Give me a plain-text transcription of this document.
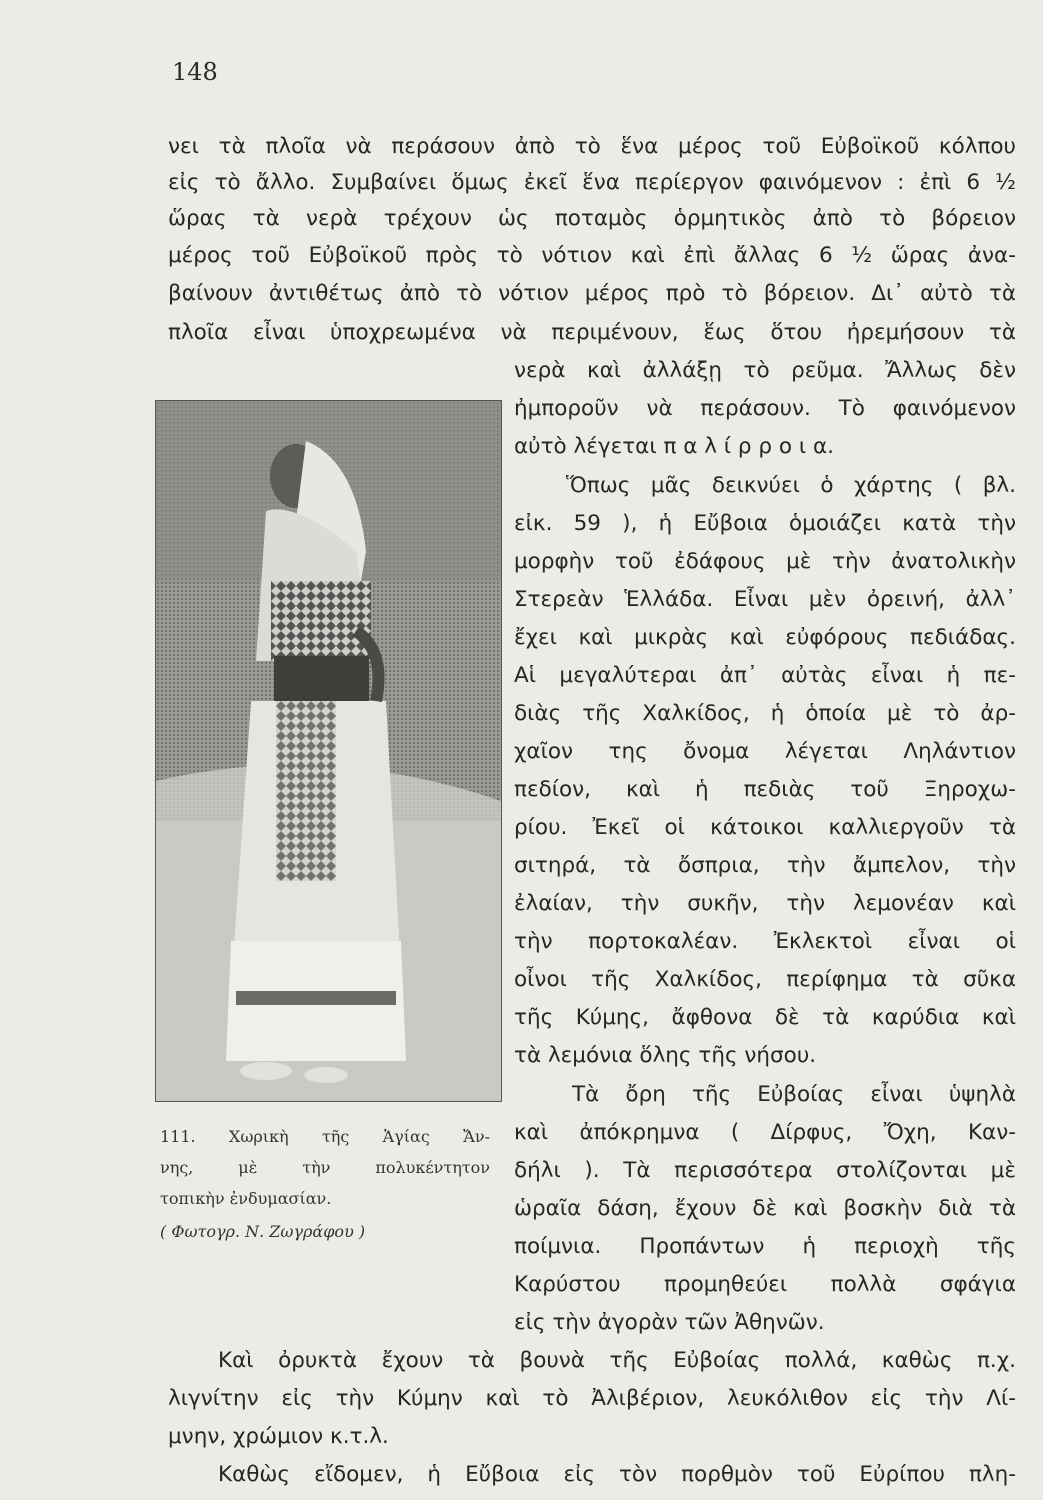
148
νει τὰ πλοῖα νὰ περάσουν ἀπὸ τὸ ἕνα μέρος τοῦ Εὐβοϊκοῦ κόλπου
εἰς τὸ ἄλλο. Συμβαίνει ὅμως ἐκεῖ ἕνα περίεργον φαινόμενον : ἐπὶ 6 ½
ὥρας τὰ νερὰ τρέχουν ὡς ποταμὸς ὁρμητικὸς ἀπὸ τὸ βόρειον
μέρος τοῦ Εὐβοϊκοῦ πρὸς τὸ νότιον καὶ ἐπὶ ἄλλας 6 ½ ὥρας ἀνα-
βαίνουν ἀντιθέτως ἀπὸ τὸ νότιον μέρος πρὸ τὸ βόρειον. Δι᾿ αὐτὸ τὰ
πλοῖα εἶναι ὑποχρεωμένα νὰ περιμένουν, ἕως ὅτου ἠρεμήσουν τὰ
111. Χωρικὴ τῆς Ἁγίας Ἄν-
νης, μὲ τὴν πολυκέντητον
τοπικὴν ἐνδυμασίαν.
( Φωτογρ. Ν. Ζωγράφου )
νερὰ καὶ ἀλλάξῃ τὸ ρεῦμα. Ἄλλως δὲν
ἠμποροῦν νὰ περάσουν. Τὸ φαινόμενον
αὐτὸ λέγεται π α λ ί ρ ρ ο ι α.
Ὅπως μᾶς δεικνύει ὁ χάρτης ( βλ.
εἰκ. 59 ), ἡ Εὔβοια ὁμοιάζει κατὰ τὴν
μορφὴν τοῦ ἐδάφους μὲ τὴν ἀνατολικὴν
Στερεὰν Ἑλλάδα. Εἶναι μὲν ὀρεινή, ἀλλ᾿
ἔχει καὶ μικρὰς καὶ εὐφόρους πεδιάδας.
Αἱ μεγαλύτεραι ἀπ᾿ αὐτὰς εἶναι ἡ πε-
διὰς τῆς Χαλκίδος, ἡ ὁποία μὲ τὸ ἀρ-
χαῖον της ὄνομα λέγεται Ληλάντιον
πεδίον, καὶ ἡ πεδιὰς τοῦ Ξηροχω-
ρίου. Ἐκεῖ οἱ κάτοικοι καλλιεργοῦν τὰ
σιτηρά, τὰ ὄσπρια, τὴν ἄμπελον, τὴν
ἐλαίαν, τὴν συκῆν, τὴν λεμονέαν καὶ
τὴν πορτοκαλέαν. Ἐκλεκτοὶ εἶναι οἱ
οἶνοι τῆς Χαλκίδος, περίφημα τὰ σῦκα
τῆς Κύμης, ἄφθονα δὲ τὰ καρύδια καὶ
τὰ λεμόνια ὅλης τῆς νήσου.
Τὰ ὄρη τῆς Εὐβοίας εἶναι ὑψηλὰ
καὶ ἀπόκρημνα ( Δίρφυς, Ὄχη, Καν-
δήλι ). Τὰ περισσότερα στολίζονται μὲ
ὡραῖα δάση, ἔχουν δὲ καὶ βοσκὴν διὰ τὰ
ποίμνια. Προπάντων ἡ περιοχὴ τῆς
Καρύστου προμηθεύει πολλὰ σφάγια
εἰς τὴν ἀγορὰν τῶν Ἀθηνῶν.
Καὶ ὀρυκτὰ ἔχουν τὰ βουνὰ τῆς Εὐβοίας πολλά, καθὼς π.χ.
λιγνίτην εἰς τὴν Κύμην καὶ τὸ Ἀλιβέριον, λευκόλιθον εἰς τὴν Λί-
μνην, χρώμιον κ.τ.λ.
Καθὼς εἴδομεν, ἡ Εὔβοια εἰς τὸν πορθμὸν τοῦ Εὐρίπου πλη-
